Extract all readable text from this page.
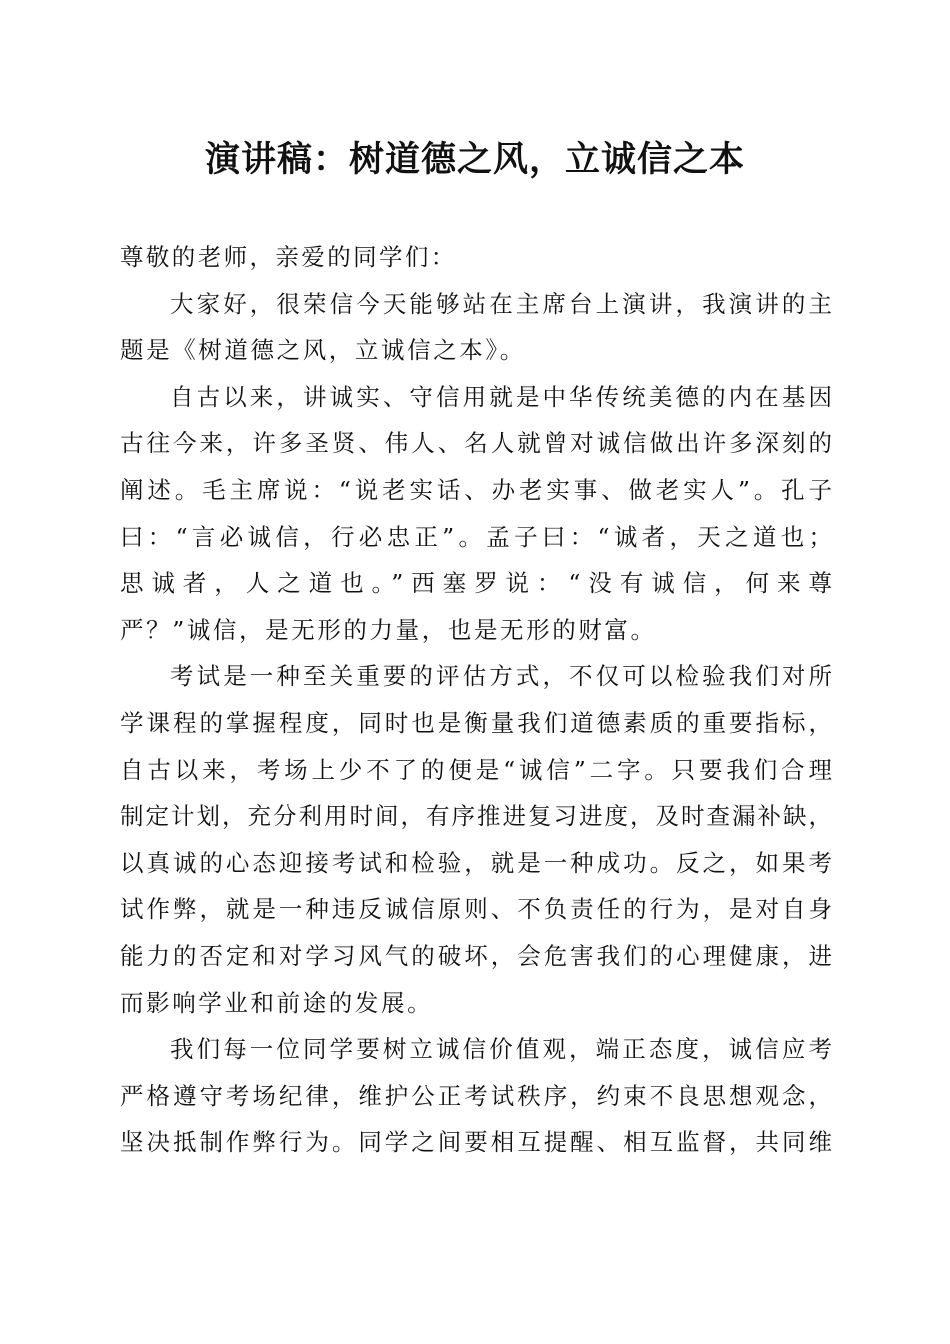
演讲稿：树道德之风，立诚信之本
尊敬的老师，亲爱的同学们：
大家好，很荣信今天能够站在主席台上演讲，我演讲的主
题是《树道德之风，立诚信之本》。
自古以来，讲诚实、守信用就是中华传统美德的内在基因
古往今来，许多圣贤、伟人、名人就曾对诚信做出许多深刻的
阐述。毛主席说：“说老实话、办老实事、做老实人”。孔子
曰：“言必诚信，行必忠正”。孟子曰：“诚者，天之道也；
思诚者，人之道也。”西塞罗说：“没有诚信，何来尊
严？”诚信，是无形的力量，也是无形的财富。
考试是一种至关重要的评估方式，不仅可以检验我们对所
学课程的掌握程度，同时也是衡量我们道德素质的重要指标，
自古以来，考场上少不了的便是“诚信”二字。只要我们合理
制定计划，充分利用时间，有序推进复习进度，及时查漏补缺，
以真诚的心态迎接考试和检验，就是一种成功。反之，如果考
试作弊，就是一种违反诚信原则、不负责任的行为，是对自身
能力的否定和对学习风气的破坏，会危害我们的心理健康，进
而影响学业和前途的发展。
我们每一位同学要树立诚信价值观，端正态度，诚信应考
严格遵守考场纪律，维护公正考试秩序，约束不良思想观念，
坚决抵制作弊行为。同学之间要相互提醒、相互监督，共同维
